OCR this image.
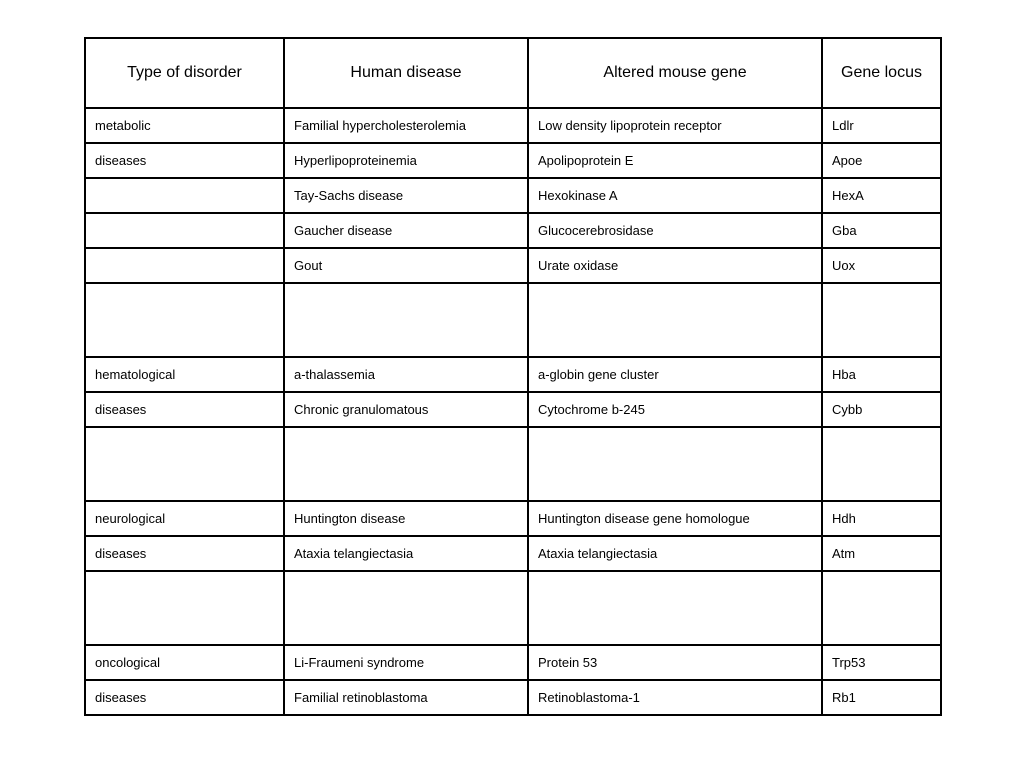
Type of disorder	Human disease	Altered mouse gene	Gene locus
metabolic	Familial hypercholesterolemia	Low density lipoprotein receptor	Ldlr
diseases	Hyperlipoproteinemia	Apolipoprotein E	Apoe
	Tay-Sachs disease	Hexokinase A	HexA
	Gaucher disease	Glucocerebrosidase	Gba
	Gout	Urate oxidase	Uox

hematological	a-thalassemia	a-globin gene cluster	Hba
diseases	Chronic granulomatous	Cytochrome b-245	Cybb

neurological	Huntington disease	Huntington disease gene homologue	Hdh
diseases	Ataxia telangiectasia	Ataxia telangiectasia	Atm

oncological	Li-Fraumeni syndrome	Protein 53	Trp53
diseases	Familial retinoblastoma	Retinoblastoma-1	Rb1
